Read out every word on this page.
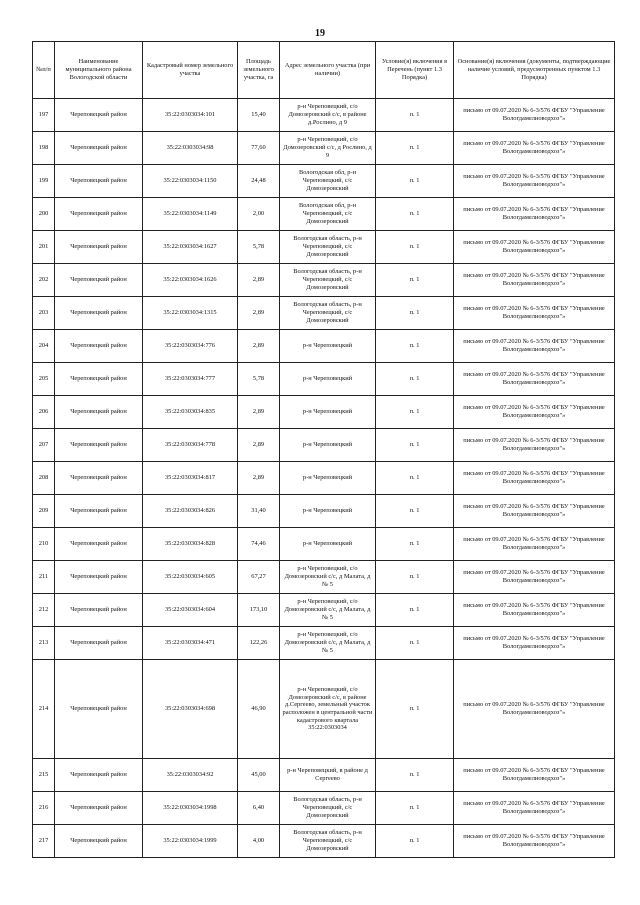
19
№п/п	Наименование муниципального района Вологодской области	Кадастровый номер земельного участка	Площадь земельного участка, га	Адрес земельного участка (при наличии)	Условие(я) включения в Перечень (пункт 1.3 Порядка)	Основание(я) включения (документы, подтверждающие наличие условий, предусмотренных пунктом 1.3 Порядка)
197	Череповецкий район	35:22:0303034:101	15,40	р-н Череповецкий, с/о Домозеровский с/с, в районе д.Рослино, д 9	п. 1	письмо от 09.07.2020 № 6-3/576 ФГБУ "Управление Вологдамелиоводхоз"»
198	Череповецкий район	35:22:0303034:98	77,60	р-н Череповецкий, с/о Домозеровский с/с, д Рослино, д 9	п. 1	письмо от 09.07.2020 № 6-3/576 ФГБУ "Управление Вологдамелиоводхоз"»
199	Череповецкий район	35:22:0303034:1150	24,48	Вологодская обл, р-н Череповецкий, с/с Домозеровский	п. 1	письмо от 09.07.2020 № 6-3/576 ФГБУ "Управление Вологдамелиоводхоз"»
200	Череповецкий район	35:22:0303034:1149	2,00	Вологодская обл, р-н Череповецкий, с/с Домозеровский	п. 1	письмо от 09.07.2020 № 6-3/576 ФГБУ "Управление Вологдамелиоводхоз"»
201	Череповецкий район	35:22:0303034:1627	5,78	Вологодская область, р-н Череповецкий, с/с Домозеровский	п. 1	письмо от 09.07.2020 № 6-3/576 ФГБУ "Управление Вологдамелиоводхоз"»
202	Череповецкий район	35:22:0303034:1626	2,89	Вологодская область, р-н Череповецкий, с/с Домозеровский	п. 1	письмо от 09.07.2020 № 6-3/576 ФГБУ "Управление Вологдамелиоводхоз"»
203	Череповецкий район	35:22:0303034:1315	2,89	Вологодская область, р-н Череповецкий, с/с Домозеровский	п. 1	письмо от 09.07.2020 № 6-3/576 ФГБУ "Управление Вологдамелиоводхоз"»
204	Череповецкий район	35:22:0303034:776	2,89	р-н Череповецкий	п. 1	письмо от 09.07.2020 № 6-3/576 ФГБУ "Управление Вологдамелиоводхоз"»
205	Череповецкий район	35:22:0303034:777	5,78	р-н Череповецкий	п. 1	письмо от 09.07.2020 № 6-3/576 ФГБУ "Управление Вологдамелиоводхоз"»
206	Череповецкий район	35:22:0303034:835	2,89	р-н Череповецкий	п. 1	письмо от 09.07.2020 № 6-3/576 ФГБУ "Управление Вологдамелиоводхоз"»
207	Череповецкий район	35:22:0303034:778	2,89	р-н Череповецкий	п. 1	письмо от 09.07.2020 № 6-3/576 ФГБУ "Управление Вологдамелиоводхоз"»
208	Череповецкий район	35:22:0303034:817	2,89	р-н Череповецкий	п. 1	письмо от 09.07.2020 № 6-3/576 ФГБУ "Управление Вологдамелиоводхоз"»
209	Череповецкий район	35:22:0303034:826	31,40	р-н Череповецкий	п. 1	письмо от 09.07.2020 № 6-3/576 ФГБУ "Управление Вологдамелиоводхоз"»
210	Череповецкий район	35:22:0303034:828	74,46	р-н Череповецкий	п. 1	письмо от 09.07.2020 № 6-3/576 ФГБУ "Управление Вологдамелиоводхоз"»
211	Череповецкий район	35:22:0303034:605	67,27	р-н Череповецкий, с/о Домозеровский с/с, д Малата, д № 5	п. 1	письмо от 09.07.2020 № 6-3/576 ФГБУ "Управление Вологдамелиоводхоз"»
212	Череповецкий район	35:22:0303034:604	173,10	р-н Череповецкий, с/о Домозеровский с/с, д Малата, д № 5	п. 1	письмо от 09.07.2020 № 6-3/576 ФГБУ "Управление Вологдамелиоводхоз"»
213	Череповецкий район	35:22:0303034:471	122,26	р-н Череповецкий, с/о Домозеровский с/с, д Малата, д № 5	п. 1	письмо от 09.07.2020 № 6-3/576 ФГБУ "Управление Вологдамелиоводхоз"»
214	Череповецкий район	35:22:0303034:698	46,90	р-н Череповецкий, с/о Домозеровский с/с, в районе д.Сергеево, земельный участок расположен в центральной части кадастрового квартала 35:22:0303034	п. 1	письмо от 09.07.2020 № 6-3/576 ФГБУ "Управление Вологдамелиоводхоз"»
215	Череповецкий район	35:22:0303034:92	45,00	р-н Череповецкий, в районе д Сергеево	п. 1	письмо от 09.07.2020 № 6-3/576 ФГБУ "Управление Вологдамелиоводхоз"»
216	Череповецкий район	35:22:0303034:1998	6,40	Вологодская область, р-н Череповецкий, с/с Домозеровский	п. 1	письмо от 09.07.2020 № 6-3/576 ФГБУ "Управление Вологдамелиоводхоз"»
217	Череповецкий район	35:22:0303034:1999	4,00	Вологодская область, р-н Череповецкий, с/с Домозеровский	п. 1	письмо от 09.07.2020 № 6-3/576 ФГБУ "Управление Вологдамелиоводхоз"»
